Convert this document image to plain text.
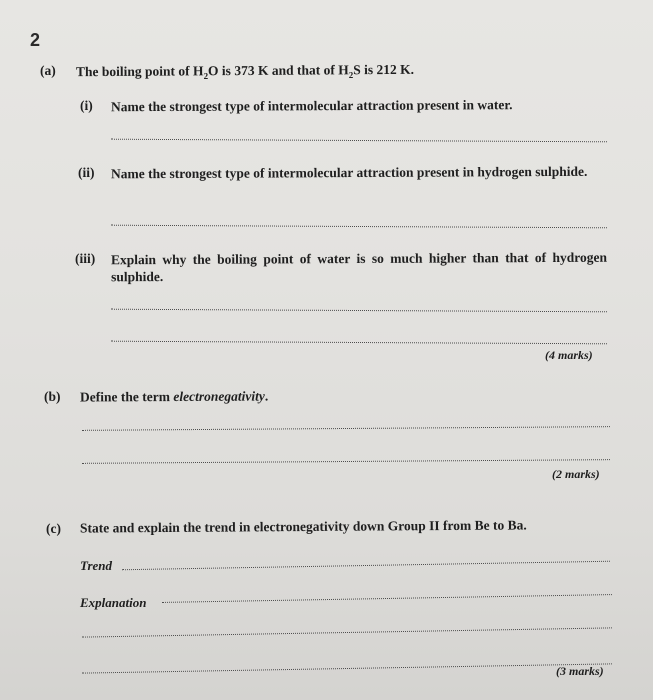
2
(a) The boiling point of $H_2O$ is 373 K and that of $H_2S$ is 212 K.
(i) Name the strongest type of intermolecular attraction present in water.
(ii) Name the strongest type of intermolecular attraction present in hydrogen sulphide.
(iii) Explain why the boiling point of water is so much higher than that of hydrogen sulphide.
(4 marks)
(b) Define the term electronegativity.
(2 marks)
(c) State and explain the trend in electronegativity down Group II from Be to Ba.
Trend
Explanation
(3 marks)
